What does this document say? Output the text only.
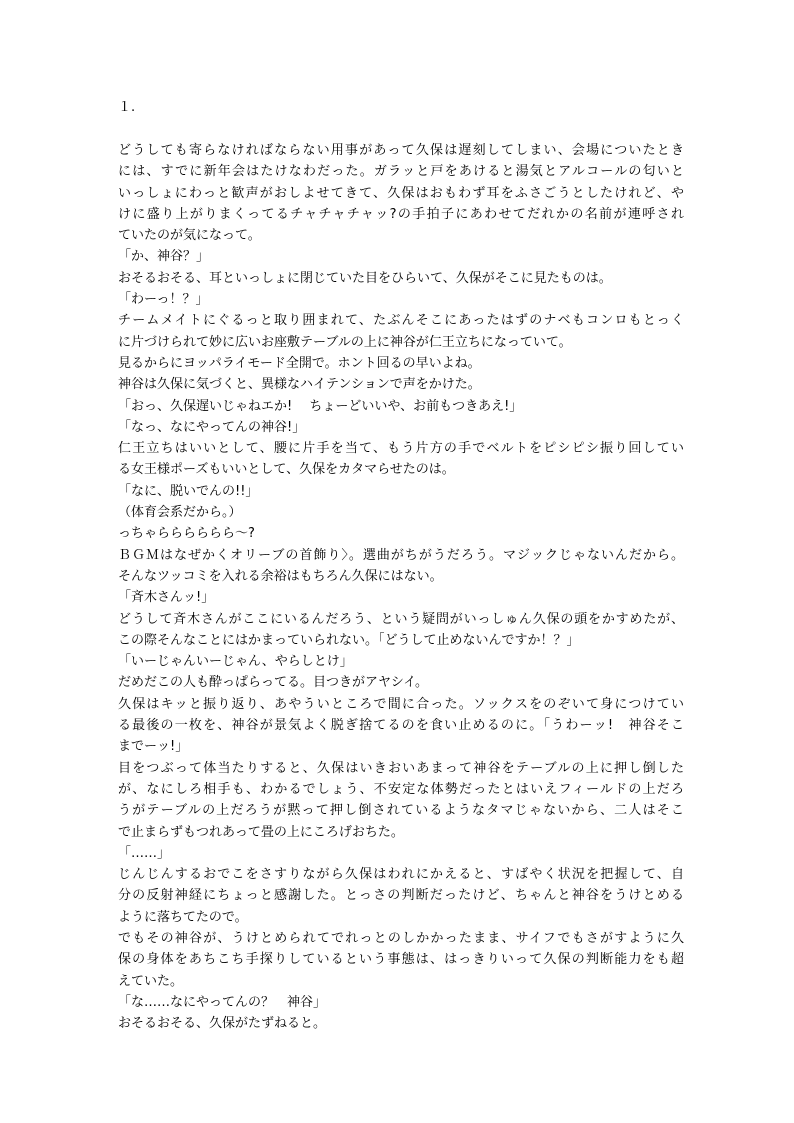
１.
どうしても寄らなければならない用事があって久保は遅刻してしまい、会場についたとき
には、すでに新年会はたけなわだった。ガラッと戸をあけると湯気とアルコールの匂いと
いっしょにわっと歓声がおしよせてきて、久保はおもわず耳をふさごうとしたけれど、や
けに盛り上がりまくってるチャチャチャッ?の手拍子にあわせてだれかの名前が連呼され
ていたのが気になって。
「か、神谷？」
おそるおそる、耳といっしょに閉じていた目をひらいて、久保がそこに見たものは。
「わーっ！？」
チームメイトにぐるっと取り囲まれて、たぶんそこにあったはずのナベもコンロもとっく
に片づけられて妙に広いお座敷テーブルの上に神谷が仁王立ちになっていて。
見るからにヨッパライモード全開で。ホント回るの早いよね。
神谷は久保に気づくと、異様なハイテンションで声をかけた。
「おっ、久保遅いじゃねエか!　 ちょーどいいや、お前もつきあえ!」
「なっ、なにやってんの神谷!」
仁王立ちはいいとして、腰に片手を当て、もう片方の手でベルトをピシピシ振り回してい
る女王様ポーズもいいとして、久保をカタマらせたのは。
「なに、脱いでんの!!」
（体育会系だから。）
っちゃらららららら～?
ＢＧＭはなぜかくオリーブの首飾り〉。選曲がちがうだろう。マジックじゃないんだから。
そんなツッコミを入れる余裕はもちろん久保にはない。
「斉木さんッ!」
どうして斉木さんがここにいるんだろう、という疑問がいっしゅん久保の頭をかすめたが、
この際そんなことにはかまっていられない。「どうして止めないんですか！？」
「いーじゃんいーじゃん、やらしとけ」
だめだこの人も酔っぱらってる。目つきがアヤシイ。
久保はキッと振り返り、あやういところで間に合った。ソックスをのぞいて身につけてい
る最後の一枚を、神谷が景気よく脱ぎ捨てるのを食い止めるのに。「うわーッ!　神谷そこ
までーッ!」
目をつぶって体当たりすると、久保はいきおいあまって神谷をテーブルの上に押し倒した
が、なにしろ相手も、わかるでしょう、不安定な体勢だったとはいえフィールドの上だろ
うがテーブルの上だろうが黙って押し倒されているようなタマじゃないから、二人はそこ
で止まらずもつれあって畳の上にころげおちた。
「……」
じんじんするおでこをさすりながら久保はわれにかえると、すばやく状況を把握して、自
分の反射神経にちょっと感謝した。とっさの判断だったけど、ちゃんと神谷をうけとめる
ように落ちてたので。
でもその神谷が、うけとめられてでれっとのしかかったまま、サイフでもさがすように久
保の身体をあちこち手探りしているという事態は、はっきりいって久保の判断能力をも超
えていた。
「な……なにやってんの？　神谷」
おそるおそる、久保がたずねると。
